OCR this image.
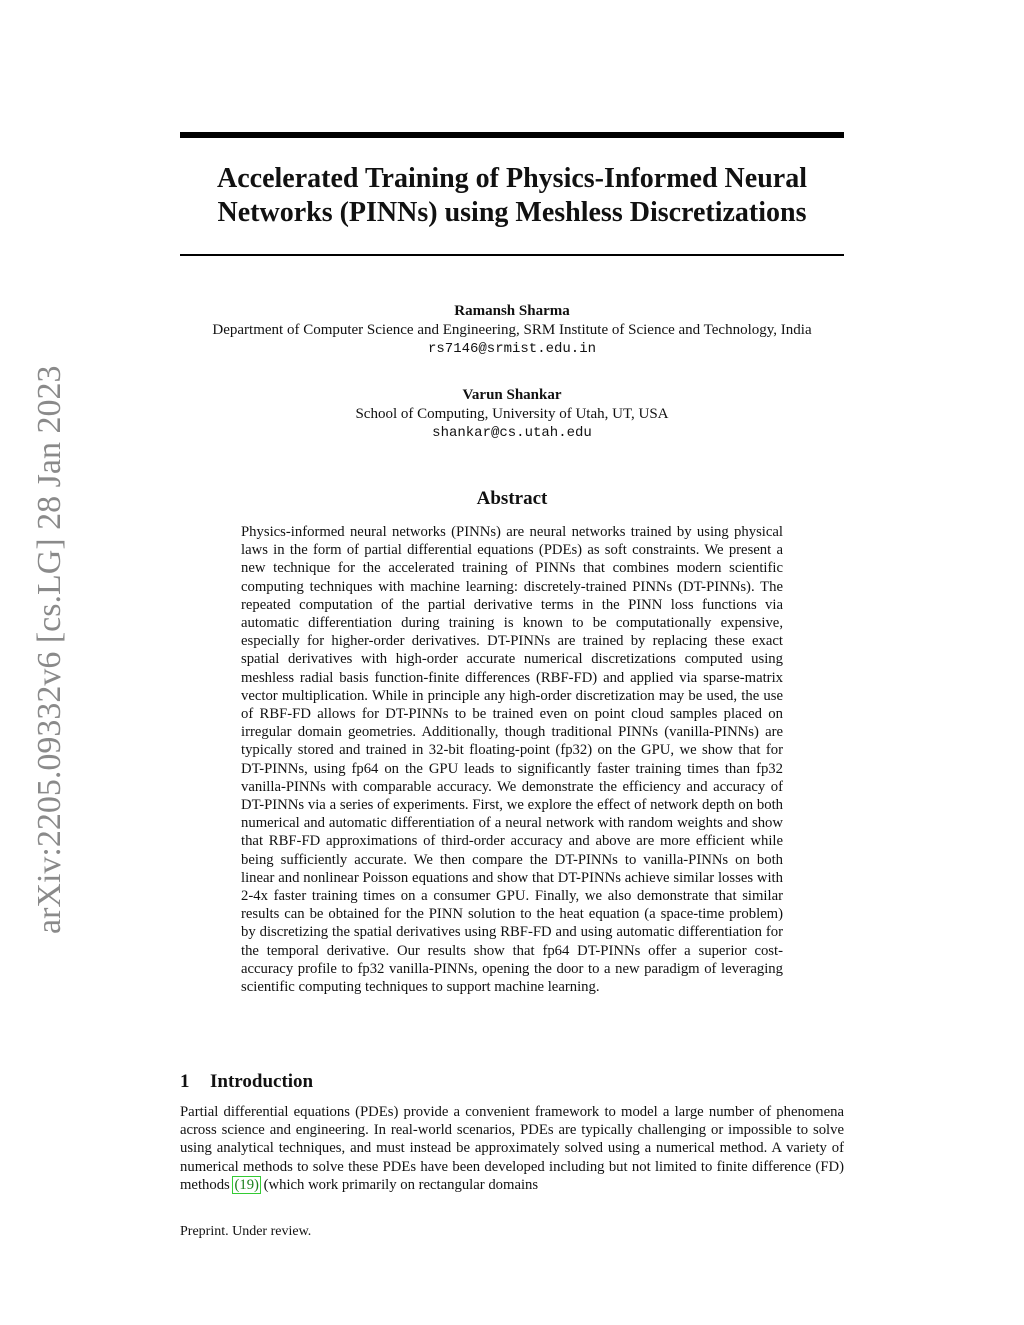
arXiv:2205.09332v6 [cs.LG] 28 Jan 2023
Accelerated Training of Physics-Informed Neural
Networks (PINNs) using Meshless Discretizations
Ramansh Sharma
Department of Computer Science and Engineering, SRM Institute of Science and Technology, India
rs7146@srmist.edu.in
Varun Shankar
School of Computing, University of Utah, UT, USA
shankar@cs.utah.edu
Abstract
Physics-informed neural networks (PINNs) are neural networks trained by using physical laws in the form of partial differential equations (PDEs) as soft constraints. We present a new technique for the accelerated training of PINNs that combines modern scientific computing techniques with machine learning: discretely-trained PINNs (DT-PINNs). The repeated computation of the partial derivative terms in the PINN loss functions via automatic differentiation during training is known to be computationally expensive, especially for higher-order derivatives. DT-PINNs are trained by replacing these exact spatial derivatives with high-order accurate numerical discretizations computed using meshless radial basis function-finite differences (RBF-FD) and applied via sparse-matrix vector multiplication. While in principle any high-order discretization may be used, the use of RBF-FD allows for DT-PINNs to be trained even on point cloud samples placed on irregular domain geometries. Additionally, though traditional PINNs (vanilla-PINNs) are typically stored and trained in 32-bit floating-point (fp32) on the GPU, we show that for DT-PINNs, using fp64 on the GPU leads to significantly faster training times than fp32 vanilla-PINNs with comparable accuracy. We demonstrate the efficiency and accuracy of DT-PINNs via a series of experiments. First, we explore the effect of network depth on both numerical and automatic differentiation of a neural network with random weights and show that RBF-FD approximations of third-order accuracy and above are more efficient while being sufficiently accurate. We then compare the DT-PINNs to vanilla-PINNs on both linear and nonlinear Poisson equations and show that DT-PINNs achieve similar losses with 2-4x faster training times on a consumer GPU. Finally, we also demonstrate that similar results can be obtained for the PINN solution to the heat equation (a space-time problem) by discretizing the spatial derivatives using RBF-FD and using automatic differentiation for the temporal derivative. Our results show that fp64 DT-PINNs offer a superior cost-accuracy profile to fp32 vanilla-PINNs, opening the door to a new paradigm of leveraging scientific computing techniques to support machine learning.
1 Introduction
Partial differential equations (PDEs) provide a convenient framework to model a large number of phenomena across science and engineering. In real-world scenarios, PDEs are typically challenging or impossible to solve using analytical techniques, and must instead be approximately solved using a numerical method. A variety of numerical methods to solve these PDEs have been developed including but not limited to finite difference (FD) methods (19) (which work primarily on rectangular domains
Preprint. Under review.
